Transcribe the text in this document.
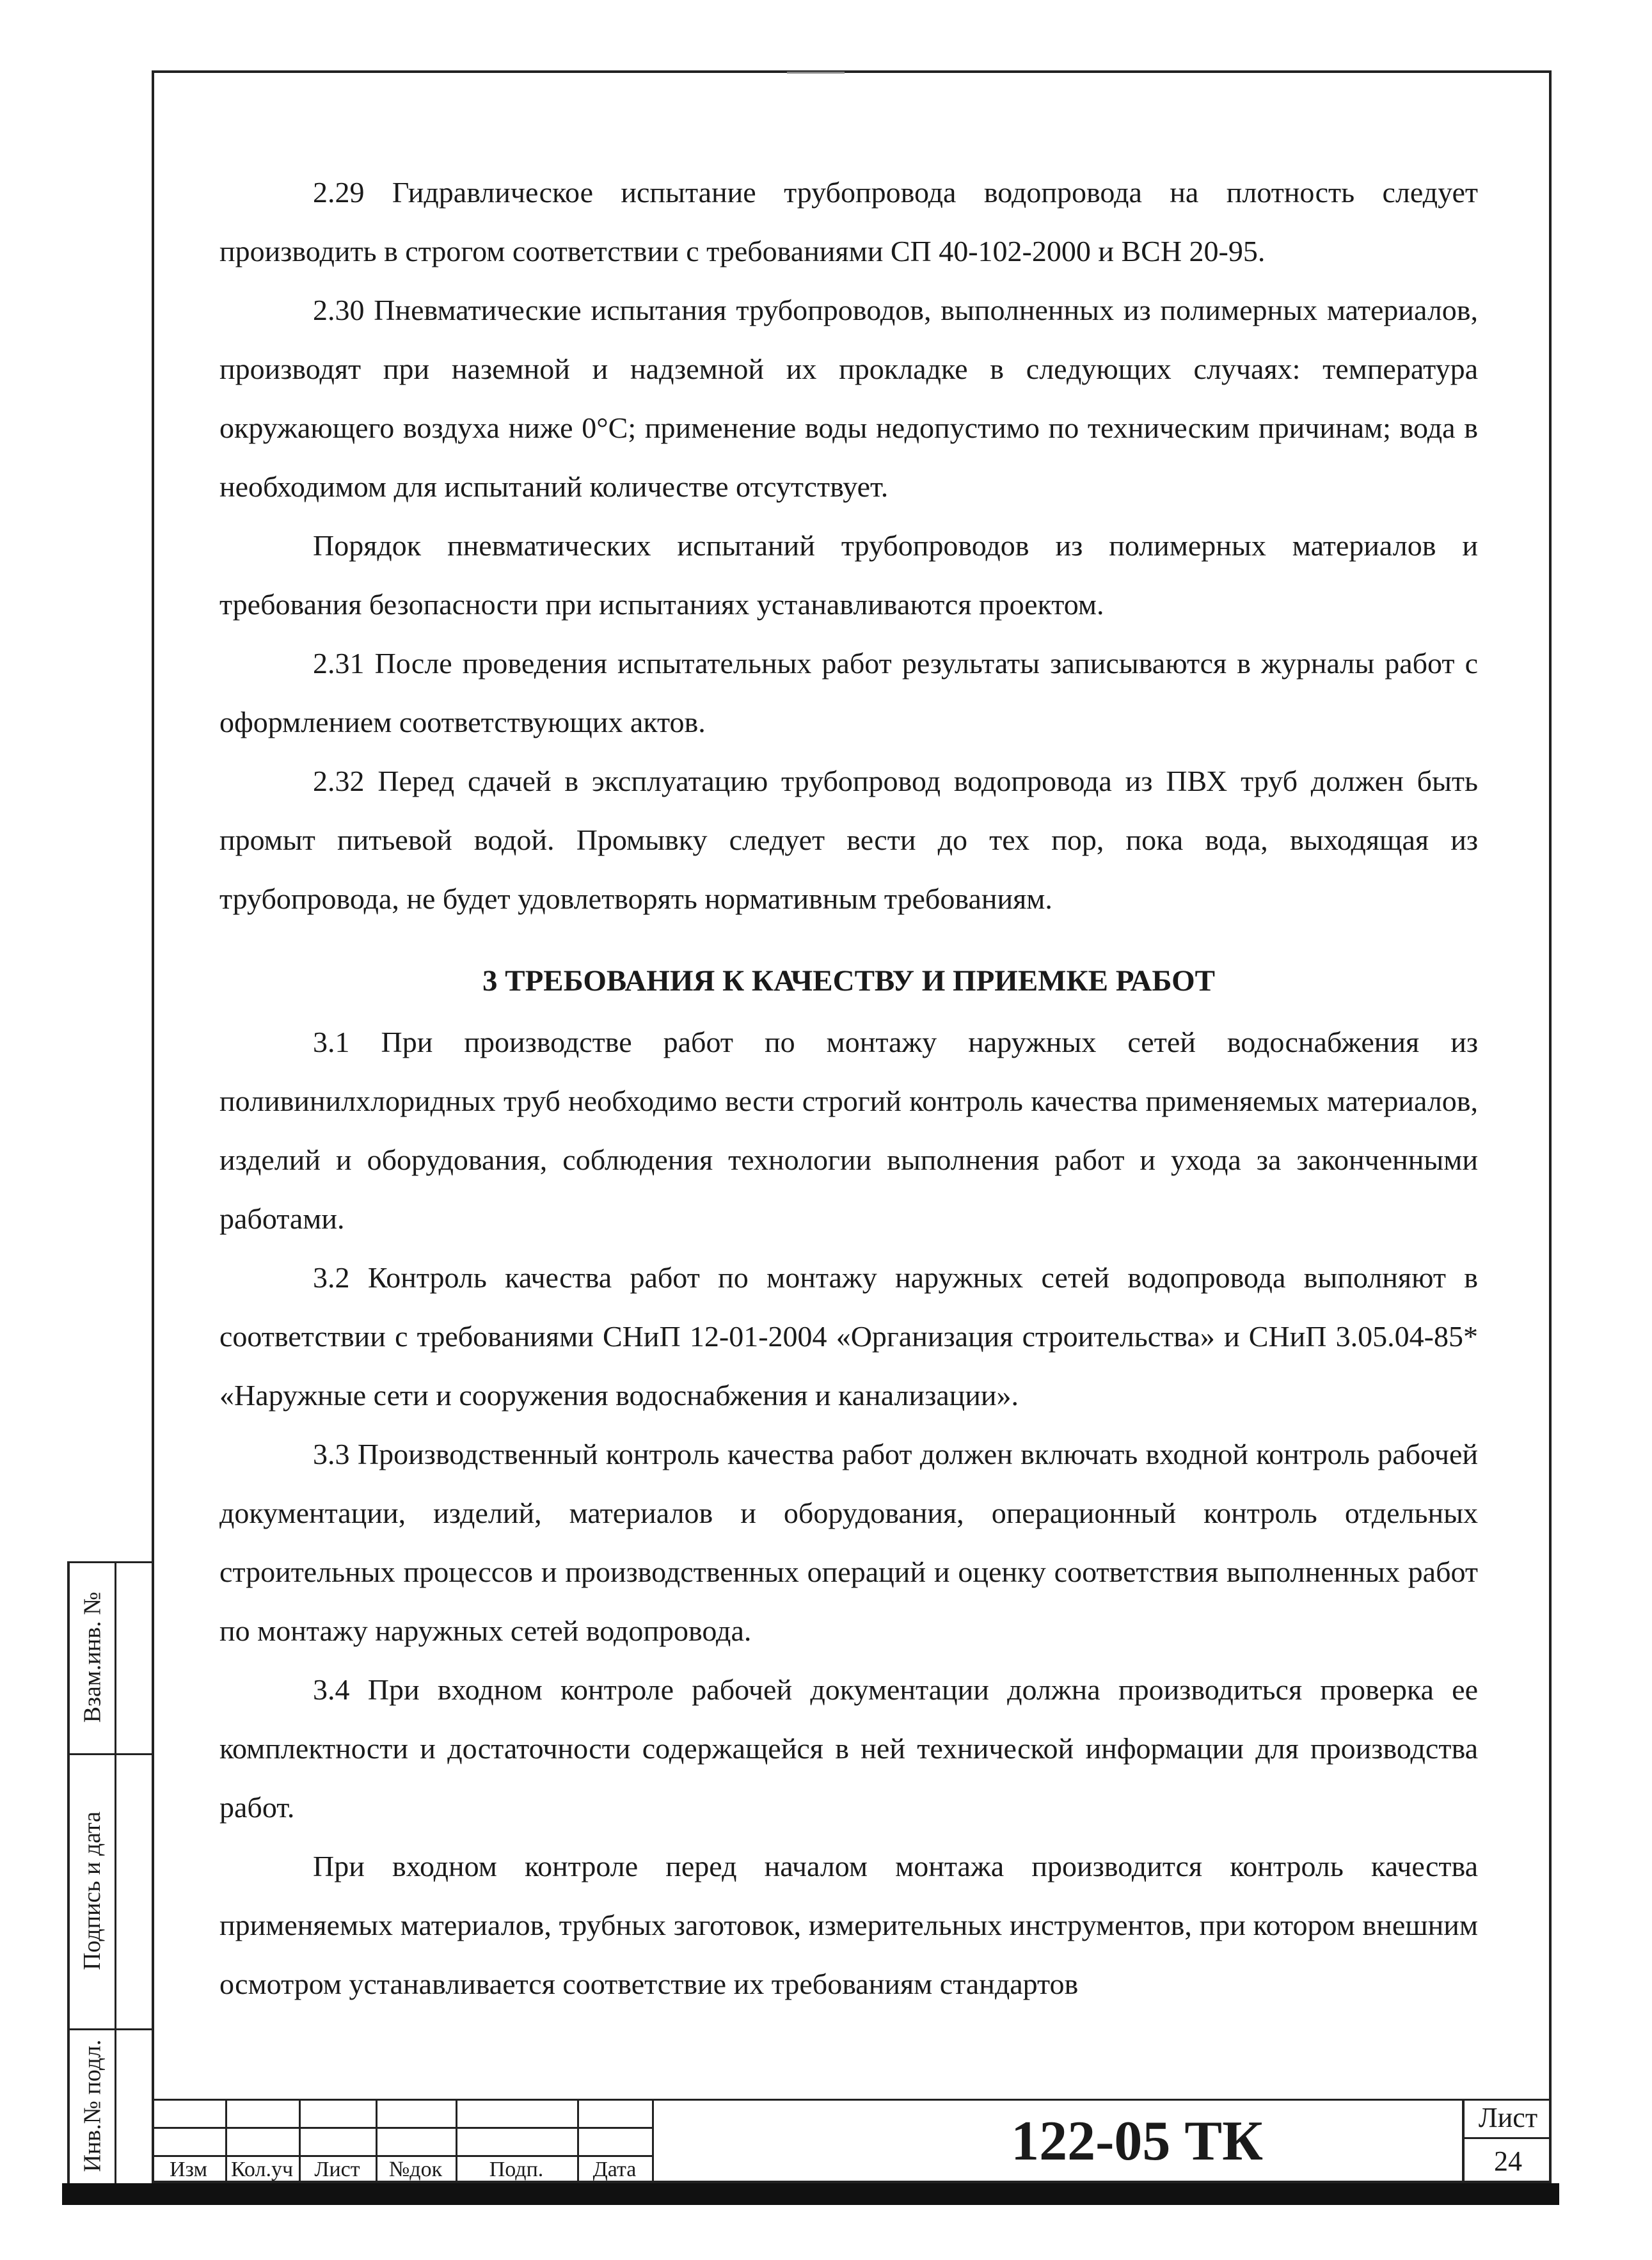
2.29 Гидравлическое испытание трубопровода водопровода на плотность следует производить в строгом соответствии с требованиями СП 40-102-2000 и ВСН 20-95.

2.30 Пневматические испытания трубопроводов, выполненных из полимерных материалов, производят при наземной и надземной их прокладке в следующих случаях: температура окружающего воздуха ниже 0°С; применение воды недопустимо по техническим причинам; вода в необходимом для испытаний количестве отсутствует.

Порядок пневматических испытаний трубопроводов из полимерных материалов и требования безопасности при испытаниях устанавливаются проектом.

2.31 После проведения испытательных работ результаты записываются в журналы работ с оформлением соответствующих актов.

2.32 Перед сдачей в эксплуатацию трубопровод водопровода из ПВХ труб должен быть промыт питьевой водой. Промывку следует вести до тех пор, пока вода, выходящая из трубопровода, не будет удовлетворять нормативным требованиям.

3 ТРЕБОВАНИЯ К КАЧЕСТВУ И ПРИЕМКЕ РАБОТ

3.1 При производстве работ по монтажу наружных сетей водоснабжения из поливинилхлоридных труб необходимо вести строгий контроль качества применяемых материалов, изделий и оборудования, соблюдения технологии выполнения работ и ухода за законченными работами.

3.2 Контроль качества работ по монтажу наружных сетей водопровода выполняют в соответствии с требованиями СНиП 12-01-2004 «Организация строительства» и СНиП 3.05.04-85* «Наружные сети и сооружения водоснабжения и канализации».

3.3 Производственный контроль качества работ должен включать входной контроль рабочей документации, изделий, материалов и оборудования, операционный контроль отдельных строительных процессов и производственных операций и оценку соответствия выполненных работ по монтажу наружных сетей водопровода.

3.4 При входном контроле рабочей документации должна производиться проверка ее комплектности и достаточности содержащейся в ней технической информации для производства работ.

При входном контроле перед началом монтажа производится контроль качества применяемых материалов, трубных заготовок, измерительных инструментов, при котором внешним осмотром устанавливается соответствие их требованиям стандартов

Взам.инв. №
Подпись и дата
Инв.№ подл.	Изм	Кол.уч Лист	№док	Подп.	Дата	122-05 ТК	Лист
24
